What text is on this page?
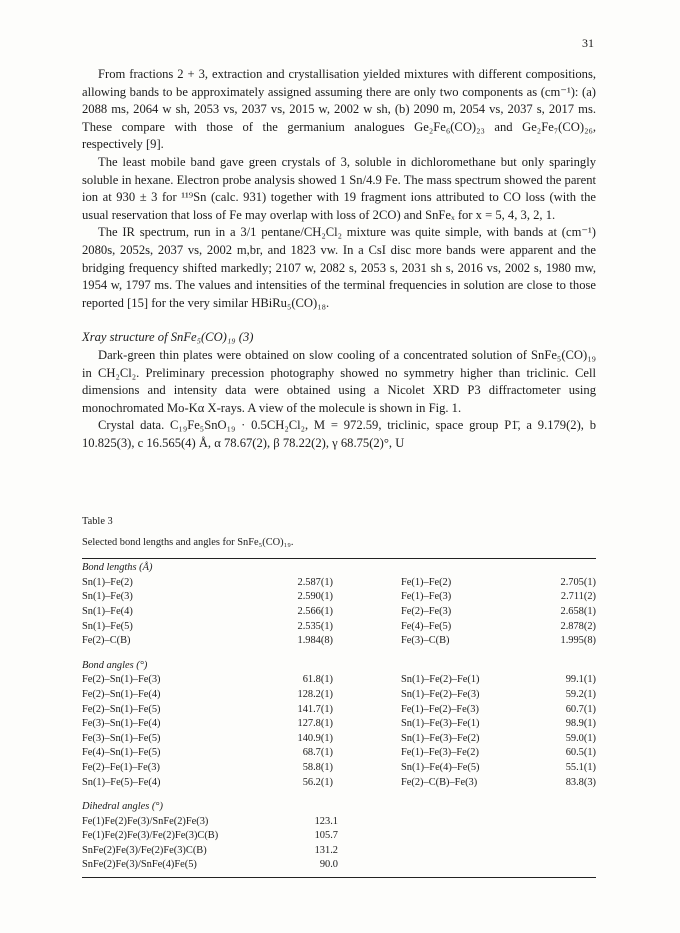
31

From fractions 2 + 3, extraction and crystallisation yielded mixtures with different compositions, allowing bands to be approximately assigned assuming there are only two components as (cm⁻¹): (a) 2088 ms, 2064 w sh, 2053 vs, 2037 vs, 2015 w, 2002 w sh, (b) 2090 m, 2054 vs, 2037 s, 2017 ms. These compare with those of the germanium analogues Ge₂Fe₆(CO)₂₃ and Ge₂Fe₇(CO)₂₆, respectively [9].

The least mobile band gave green crystals of 3, soluble in dichloromethane but only sparingly soluble in hexane. Electron probe analysis showed 1 Sn/4.9 Fe. The mass spectrum showed the parent ion at 930 ± 3 for ¹¹⁹Sn (calc. 931) together with 19 fragment ions attributed to CO loss (with the usual reservation that loss of Fe may overlap with loss of 2CO) and SnFeₓ for x = 5, 4, 3, 2, 1.

The IR spectrum, run in a 3/1 pentane/CH₂Cl₂ mixture was quite simple, with bands at (cm⁻¹) 2080s, 2052s, 2037 vs, 2002 m,br, and 1823 vw. In a CsI disc more bands were apparent and the bridging frequency shifted markedly; 2107 w, 2082 s, 2053 s, 2031 sh s, 2016 vs, 2002 s, 1980 mw, 1954 w, 1797 ms. The values and intensities of the terminal frequencies in solution are close to those reported [15] for the very similar HBiRu₅(CO)₁₈.

Xray structure of SnFe₅(CO)₁₉ (3)

Dark-green thin plates were obtained on slow cooling of a concentrated solution of SnFe₅(CO)₁₉ in CH₂Cl₂. Preliminary precession photography showed no symmetry higher than triclinic. Cell dimensions and intensity data were obtained using a Nicolet XRD P3 diffractometer using monochromated Mo-Kα X-rays. A view of the molecule is shown in Fig. 1.

Crystal data. C₁₉Fe₅SnO₁₉ · 0.5CH₂Cl₂, M = 972.59, triclinic, space group P1̄, a 9.179(2), b 10.825(3), c 16.565(4) Å, α 78.67(2), β 78.22(2), γ 68.75(2)°, U

Table 3
Selected bond lengths and angles for SnFe₅(CO)₁₉.
Bond lengths (Å)
Sn(1)–Fe(2)	2.587(1)	Fe(1)–Fe(2)	2.705(1)
Sn(1)–Fe(3)	2.590(1)	Fe(1)–Fe(3)	2.711(2)
Sn(1)–Fe(4)	2.566(1)	Fe(2)–Fe(3)	2.658(1)
Sn(1)–Fe(5)	2.535(1)	Fe(4)–Fe(5)	2.878(2)
Fe(2)–C(B)	1.984(8)	Fe(3)–C(B)	1.995(8)
Bond angles (°)
Fe(2)–Sn(1)–Fe(3)	61.8(1)	Sn(1)–Fe(2)–Fe(1)	99.1(1)
Fe(2)–Sn(1)–Fe(4)	128.2(1)	Sn(1)–Fe(2)–Fe(3)	59.2(1)
Fe(2)–Sn(1)–Fe(5)	141.7(1)	Fe(1)–Fe(2)–Fe(3)	60.7(1)
Fe(3)–Sn(1)–Fe(4)	127.8(1)	Sn(1)–Fe(3)–Fe(1)	98.9(1)
Fe(3)–Sn(1)–Fe(5)	140.9(1)	Sn(1)–Fe(3)–Fe(2)	59.0(1)
Fe(4)–Sn(1)–Fe(5)	68.7(1)	Fe(1)–Fe(3)–Fe(2)	60.5(1)
Fe(2)–Fe(1)–Fe(3)	58.8(1)	Sn(1)–Fe(4)–Fe(5)	55.1(1)
Sn(1)–Fe(5)–Fe(4)	56.2(1)	Fe(2)–C(B)–Fe(3)	83.8(3)
Dihedral angles (°)
Fe(1)Fe(2)Fe(3)/SnFe(2)Fe(3)	123.1
Fe(1)Fe(2)Fe(3)/Fe(2)Fe(3)C(B)	105.7
SnFe(2)Fe(3)/Fe(2)Fe(3)C(B)	131.2
SnFe(2)Fe(3)/SnFe(4)Fe(5)	90.0
